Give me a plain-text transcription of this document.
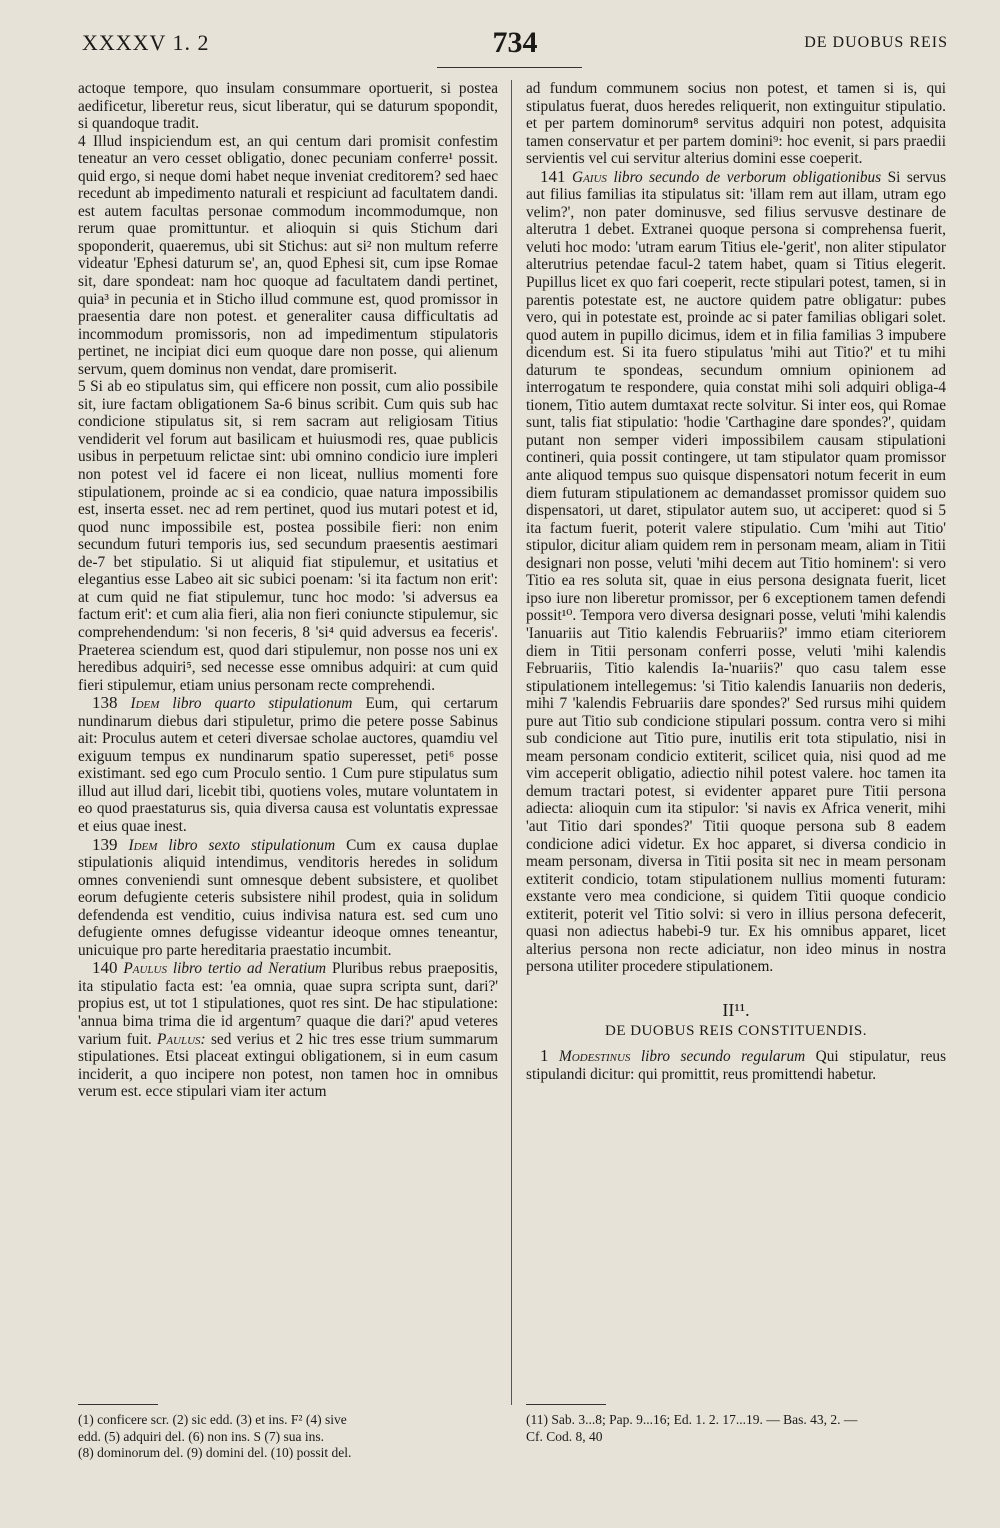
XXXXV 1. 2	734	DE DUOBUS REIS

actoque tempore, quo insulam consummare oportuerit, si postea aedificetur, liberetur reus, sicut liberatur, qui se daturum spopondit, si quandoque tradit.

4 Illud inspiciendum est, an qui centum dari promisit confestim teneatur an vero cesset obligatio, donec pecuniam conferre¹ possit. quid ergo, si neque domi habet neque inveniat creditorem? sed haec recedunt ab impedimento naturali et respiciunt ad facultatem dandi. est autem facultas personae commodum incommodumque, non rerum quae promittuntur. et alioquin si quis Stichum dari spoponderit, quaeremus, ubi sit Stichus: aut si² non multum referre videatur 'Ephesi daturum se', an, quod Ephesi sit, cum ipse Romae sit, dare spondeat: nam hoc quoque ad facultatem dandi pertinet, quia³ in pecunia et in Sticho illud commune est, quod promissor in praesentia dare non potest. et generaliter causa difficultatis ad incommodum promissoris, non ad impedimentum stipulatoris pertinet, ne incipiat dici eum quoque dare non posse, qui alienum servum, quem dominus non vendat, dare promiserit.

5 Si ab eo stipulatus sim, qui efficere non possit, cum alio possibile sit, iure factam obligationem Sa-6 binus scribit. Cum quis sub hac condicione stipulatus sit, si rem sacram aut religiosam Titius vendiderit vel forum aut basilicam et huiusmodi res, quae publicis usibus in perpetuum relictae sint: ubi omnino condicio iure impleri non potest vel id facere ei non liceat, nullius momenti fore stipulationem, proinde ac si ea condicio, quae natura impossibilis est, inserta esset. nec ad rem pertinet, quod ius mutari potest et id, quod nunc impossibile est, postea possibile fieri: non enim secundum futuri temporis ius, sed secundum praesentis aestimari de-7 bet stipulatio. Si ut aliquid fiat stipulemur, et usitatius et elegantius esse Labeo ait sic subici poenam: 'si ita factum non erit': at cum quid ne fiat stipulemur, tunc hoc modo: 'si adversus ea factum erit': et cum alia fieri, alia non fieri coniuncte stipulemur, sic comprehendendum: 'si non feceris, 8 'si⁴ quid adversus ea feceris'. Praeterea sciendum est, quod dari stipulemur, non posse nos uni ex heredibus adquiri⁵, sed necesse esse omnibus adquiri: at cum quid fieri stipulemur, etiam unius personam recte comprehendi.

138 Idem libro quarto stipulationum Eum, qui certarum nundinarum diebus dari stipuletur, primo die petere posse Sabinus ait: Proculus autem et ceteri diversae scholae auctores, quamdiu vel exiguum tempus ex nundinarum spatio superesset, peti⁶ posse existimant. sed ego cum Proculo sentio. 1 Cum pure stipulatus sum illud aut illud dari, licebit tibi, quotiens voles, mutare voluntatem in eo quod praestaturus sis, quia diversa causa est voluntatis expressae et eius quae inest.

139 Idem libro sexto stipulationum Cum ex causa duplae stipulationis aliquid intendimus, venditoris heredes in solidum omnes conveniendi sunt omnesque debent subsistere, et quolibet eorum defugiente ceteris subsistere nihil prodest, quia in solidum defendenda est venditio, cuius indivisa natura est. sed cum uno defugiente omnes defugisse videantur ideoque omnes teneantur, unicuique pro parte hereditaria praestatio incumbit.

140 Paulus libro tertio ad Neratium Pluribus rebus praepositis, ita stipulatio facta est: 'ea omnia, quae supra scripta sunt, dari?' propius est, ut tot 1 stipulationes, quot res sint. De hac stipulatione: 'annua bima trima die id argentum⁷ quaque die dari?' apud veteres varium fuit. Paulus: sed verius et 2 hic tres esse trium summarum stipulationes. Etsi placeat extingui obligationem, si in eum casum inciderit, a quo incipere non potest, non tamen hoc in omnibus verum est. ecce stipulari viam iter actum

ad fundum communem socius non potest, et tamen si is, qui stipulatus fuerat, duos heredes reliquerit, non extinguitur stipulatio. et per partem dominorum⁸ servitus adquiri non potest, adquisita tamen conservatur et per partem domini⁹: hoc evenit, si pars praedii servientis vel cui servitur alterius domini esse coeperit.

141 Gaius libro secundo de verborum obligationibus Si servus aut filius familias ita stipulatus sit: 'illam rem aut illam, utram ego velim?', non pater dominusve, sed filius servusve destinare de alterutra 1 debet. Extranei quoque persona si comprehensa fuerit, veluti hoc modo: 'utram earum Titius ele-'gerit', non aliter stipulator alterutrius petendae facul-2 tatem habet, quam si Titius elegerit. Pupillus licet ex quo fari coeperit, recte stipulari potest, tamen, si in parentis potestate est, ne auctore quidem patre obligatur: pubes vero, qui in potestate est, proinde ac si pater familias obligari solet. quod autem in pupillo dicimus, idem et in filia familias 3 impubere dicendum est. Si ita fuero stipulatus 'mihi aut Titio?' et tu mihi daturum te spondeas, secundum omnium opinionem ad interrogatum te respondere, quia constat mihi soli adquiri obliga-4 tionem, Titio autem dumtaxat recte solvitur. Si inter eos, qui Romae sunt, talis fiat stipulatio: 'hodie 'Carthagine dare spondes?', quidam putant non semper videri impossibilem causam stipulationi contineri, quia possit contingere, ut tam stipulator quam promissor ante aliquod tempus suo quisque dispensatori notum fecerit in eum diem futuram stipulationem ac demandasset promissor quidem suo dispensatori, ut daret, stipulator autem suo, ut acciperet: quod si 5 ita factum fuerit, poterit valere stipulatio. Cum 'mihi aut Titio' stipulor, dicitur aliam quidem rem in personam meam, aliam in Titii designari non posse, veluti 'mihi decem aut Titio hominem': si vero Titio ea res soluta sit, quae in eius persona designata fuerit, licet ipso iure non liberetur promissor, per 6 exceptionem tamen defendi possit¹⁰. Tempora vero diversa designari posse, veluti 'mihi kalendis 'Ianuariis aut Titio kalendis Februariis?' immo etiam citeriorem diem in Titii personam conferri posse, veluti 'mihi kalendis Februariis, Titio kalendis Ia-'nuariis?' quo casu talem esse stipulationem intellegemus: 'si Titio kalendis Ianuariis non dederis, mihi 7 'kalendis Februariis dare spondes?' Sed rursus mihi quidem pure aut Titio sub condicione stipulari possum. contra vero si mihi sub condicione aut Titio pure, inutilis erit tota stipulatio, nisi in meam personam condicio extiterit, scilicet quia, nisi quod ad me vim acceperit obligatio, adiectio nihil potest valere. hoc tamen ita demum tractari potest, si evidenter apparet pure Titii persona adiecta: alioquin cum ita stipulor: 'si navis ex Africa venerit, mihi 'aut Titio dari spondes?' Titii quoque persona sub 8 eadem condicione adici videtur. Ex hoc apparet, si diversa condicio in meam personam, diversa in Titii posita sit nec in meam personam extiterit condicio, totam stipulationem nullius momenti futuram: exstante vero mea condicione, si quidem Titii quoque condicio extiterit, poterit vel Titio solvi: si vero in illius persona defecerit, quasi non adiectus habebi-9 tur. Ex his omnibus apparet, licet alterius persona non recte adiciatur, non ideo minus in nostra persona utiliter procedere stipulationem.

II¹¹.
DE DUOBUS REIS CONSTITUENDIS.

1 Modestinus libro secundo regularum Qui stipulatur, reus stipulandi dicitur: qui promittit, reus promittendi habetur.

(1) conficere scr. (2) sic edd. (3) et ins. F² (4) sive

edd. (5) adquiri del. (6) non ins. S (7) sua ins.

(8) dominorum del. (9) domini del. (10) possit del.

(11) Sab. 3...8; Pap. 9...16; Ed. 1. 2. 17...19. — Bas. 43, 2. —

Cf. Cod. 8, 40
